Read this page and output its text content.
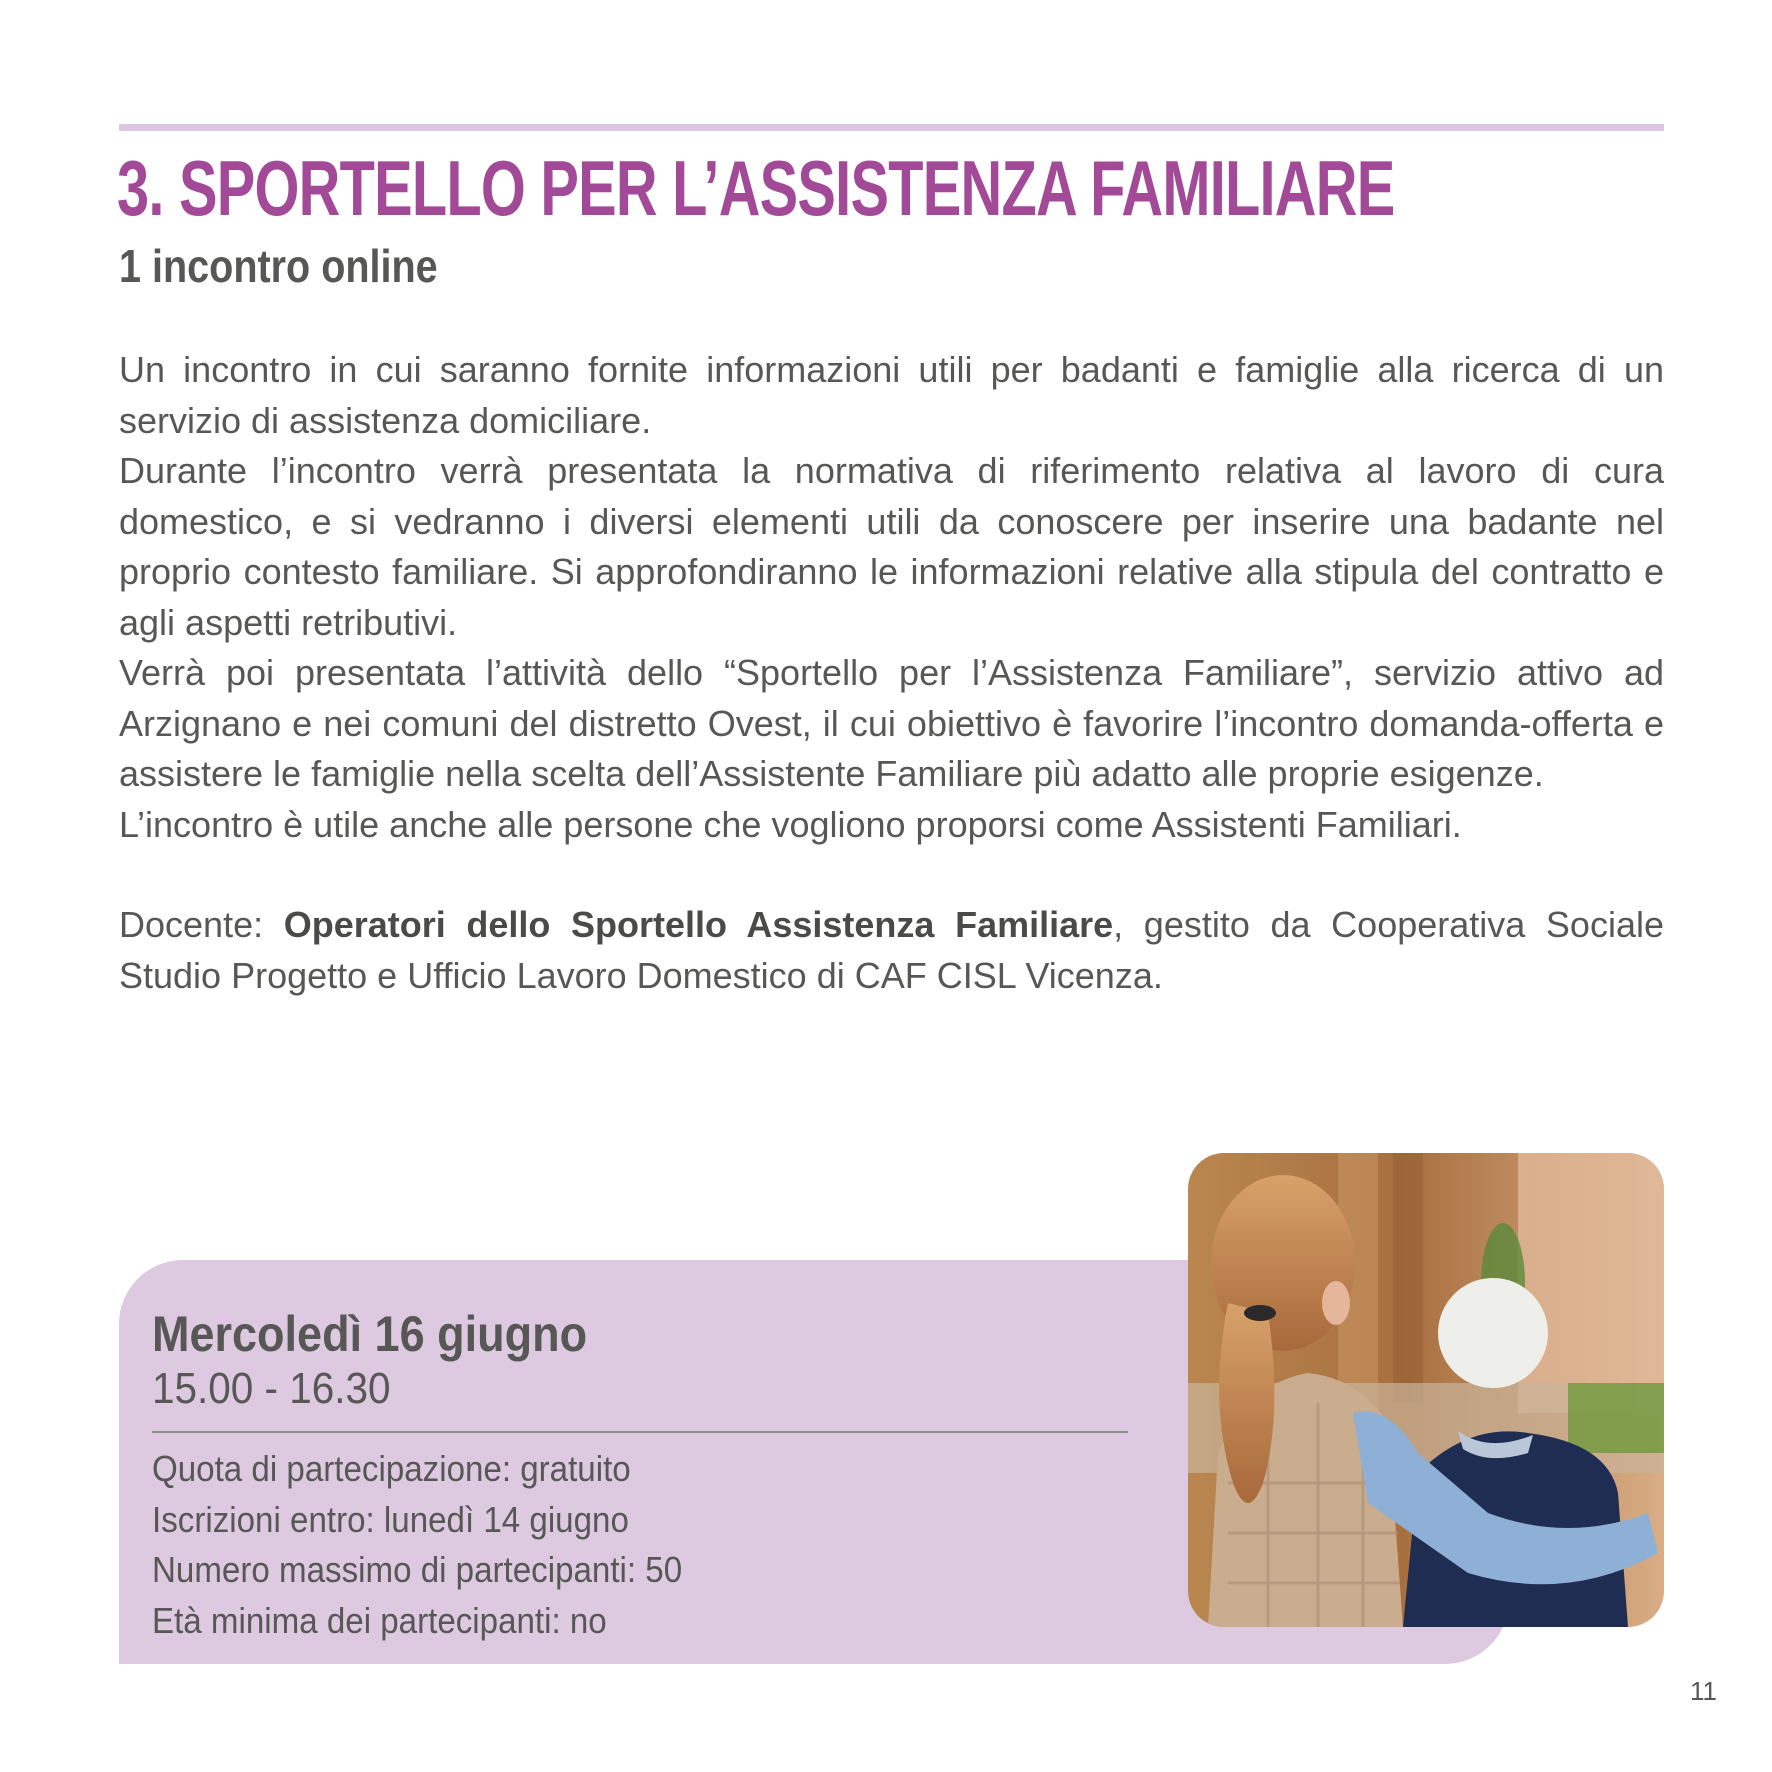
3. SPORTELLO PER L’ASSISTENZA FAMILIARE
1 incontro online

Un incontro in cui saranno fornite informazioni utili per badanti e famiglie alla ricerca di un servizio di assistenza domiciliare.

Durante l’incontro verrà presentata la normativa di riferimento relativa al lavoro di cura domestico, e si vedranno i diversi elementi utili da conoscere per inserire una badante nel proprio contesto familiare. Si approfondiranno le informazioni relative alla stipula del contratto e agli aspetti retributivi.

Verrà poi presentata l’attività dello “Sportello per l’Assistenza Familiare”, servizio attivo ad Arzignano e nei comuni del distretto Ovest, il cui obiettivo è favorire l’incontro domanda-offerta e assistere le famiglie nella scelta dell’Assistente Familiare più adatto alle proprie esigenze.

L’incontro è utile anche alle persone che vogliono proporsi come Assistenti Familiari.

Docente: Operatori dello Sportello Assistenza Familiare, gestito da Cooperativa Sociale Studio Progetto e Ufficio Lavoro Domestico di CAF CISL Vicenza.

Mercoledì 16 giugno
15.00 - 16.30
Quota di partecipazione: gratuito
Iscrizioni entro: lunedì 14 giugno
Numero massimo di partecipanti: 50
Età minima dei partecipanti: no
11
